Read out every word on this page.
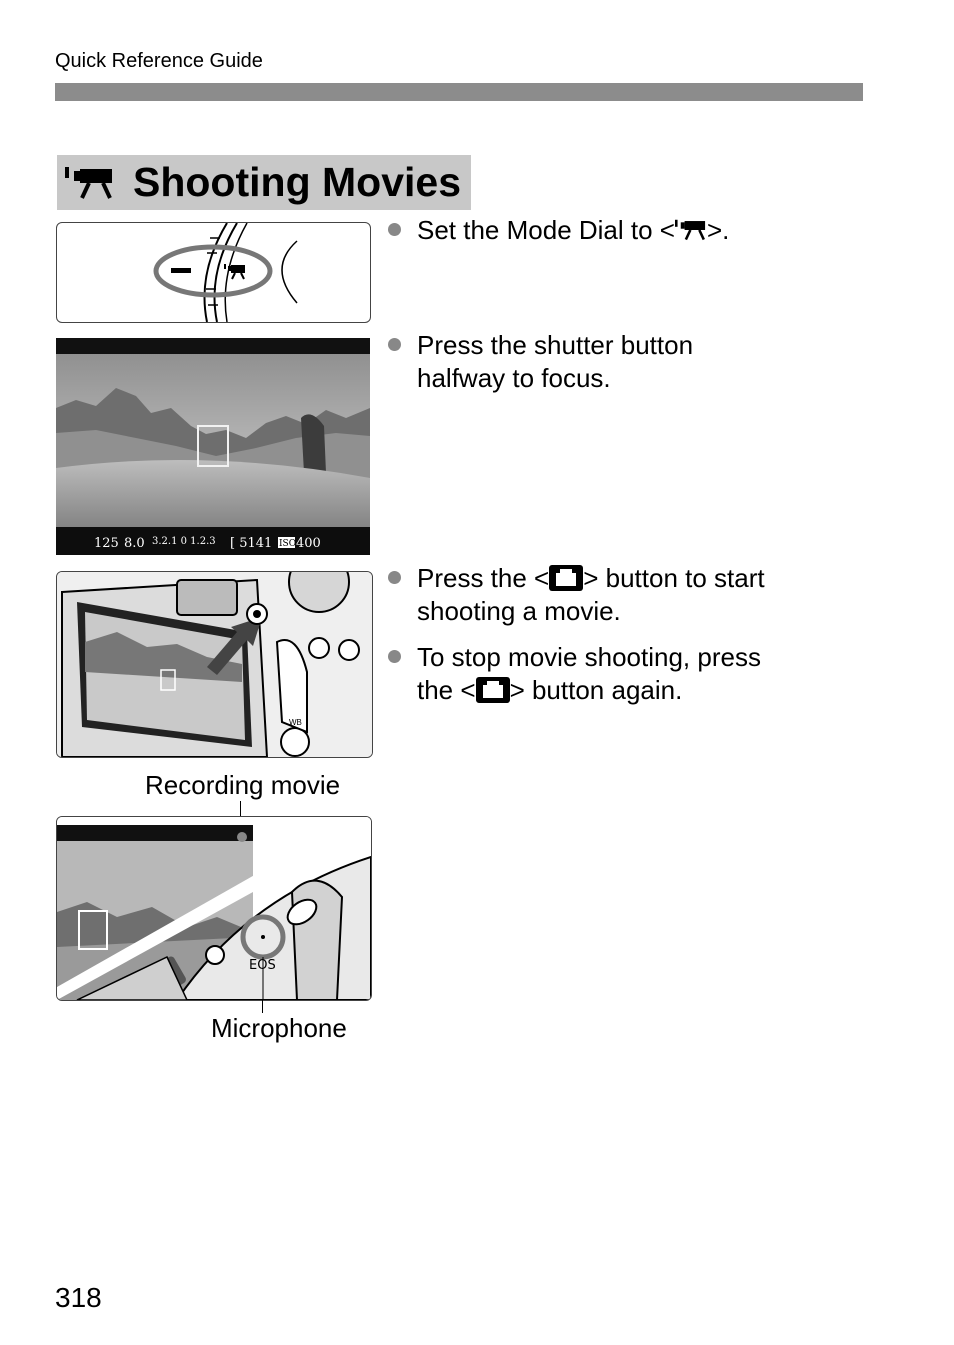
Quick Reference Guide
Shooting Movies
Set the Mode Dial to < >.
125 8.0 3.2.1 0 1.2.3 [ 5141 ISO 400
Press the shutter button
halfway to focus.
WB
Press the < > button to start
shooting a movie.
To stop movie shooting, press
the < > button again.
Recording movie
EOS
Microphone
318
